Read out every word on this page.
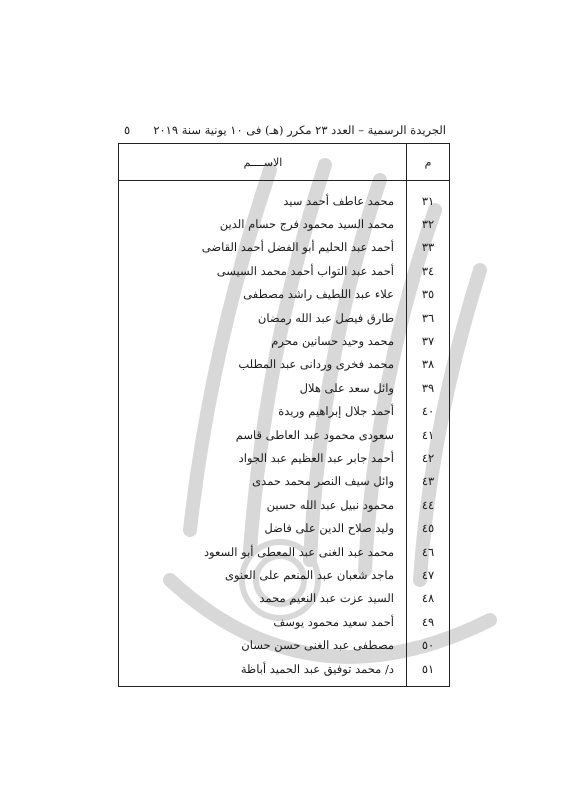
الجريدة الرسمية – العدد ٢٣ مكرر (هـ) فى ١٠ يونية سنة ٢٠١٩
٥
م	الاســــم
٣١	محمد عاطف أحمد سيد
٣٢	محمد السيد محمود فرج حسام الدين
٣٣	أحمد عبد الحليم أبو الفضل أحمد القاضى
٣٤	أحمد عبد التواب أحمد محمد السيسى
٣٥	علاء عبد اللطيف راشد مصطفى
٣٦	طارق فيصل عبد الله رمضان
٣٧	محمد وحيد حسانين محرم
٣٨	محمد فخرى وردانى عبد المطلب
٣٩	وائل سعد على هلال
٤٠	أحمد جلال إبراهيم وريدة
٤١	سعودى محمود عبد العاطى قاسم
٤٢	أحمد جابر عبد العظيم عبد الجواد
٤٣	وائل سيف النصر محمد حمدى
٤٤	محمود نبيل عبد الله حسين
٤٥	وليد صلاح الدين على فاضل
٤٦	محمد عبد الغنى عبد المعطى أبو السعود
٤٧	ماجد شعبان عبد المنعم على العنوى
٤٨	السيد عزت عبد النعيم محمد
٤٩	أحمد سعيد محمود يوسف
٥٠	مصطفى عبد الغنى حسن حسان
٥١	د/ محمد توفيق عبد الحميد أباظة
